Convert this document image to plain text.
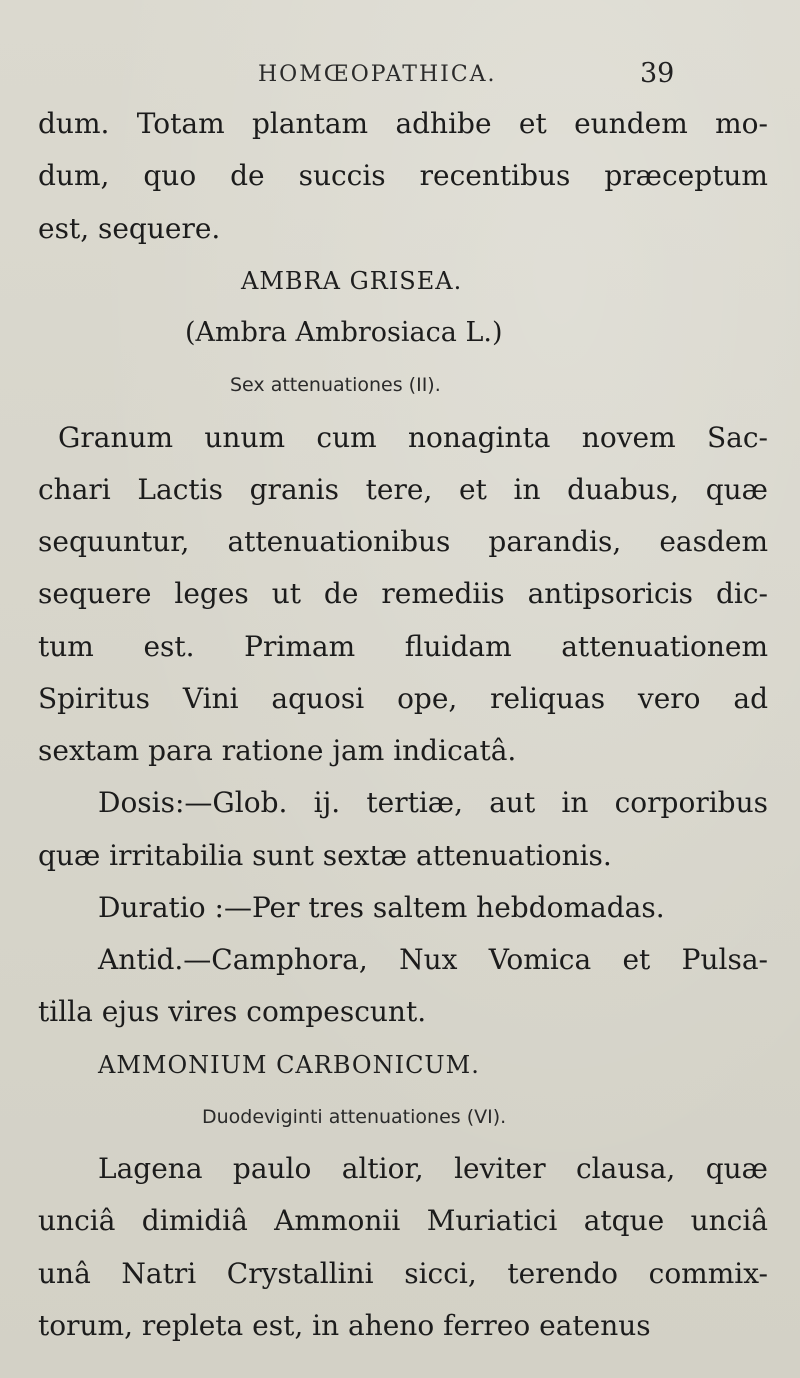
HOMŒOPATHICA.	39
dum. Totam plantam adhibe et eundem mo-
dum, quo de succis recentibus præceptum
est, sequere.
AMBRA GRISEA.
(Ambra Ambrosiaca L.)
Sex attenuationes (II).
Granum unum cum nonaginta novem Sac-
chari Lactis granis tere, et in duabus, quæ
sequuntur, attenuationibus parandis, easdem
sequere leges ut de remediis antipsoricis dic-
tum est. Primam fluidam attenuationem
Spiritus Vini aquosi ope, reliquas vero ad
sextam para ratione jam indicatâ.
Dosis:—Glob. ij. tertiæ, aut in corporibus
quæ irritabilia sunt sextæ attenuationis.
Duratio :—Per tres saltem hebdomadas.
Antid.—Camphora, Nux Vomica et Pulsa-
tilla ejus vires compescunt.
AMMONIUM CARBONICUM.
Duodeviginti attenuationes (VI).
Lagena paulo altior, leviter clausa, quæ
unciâ dimidiâ Ammonii Muriatici atque unciâ
unâ Natri Crystallini sicci, terendo commix-
torum, repleta est, in aheno ferreo eatenus
